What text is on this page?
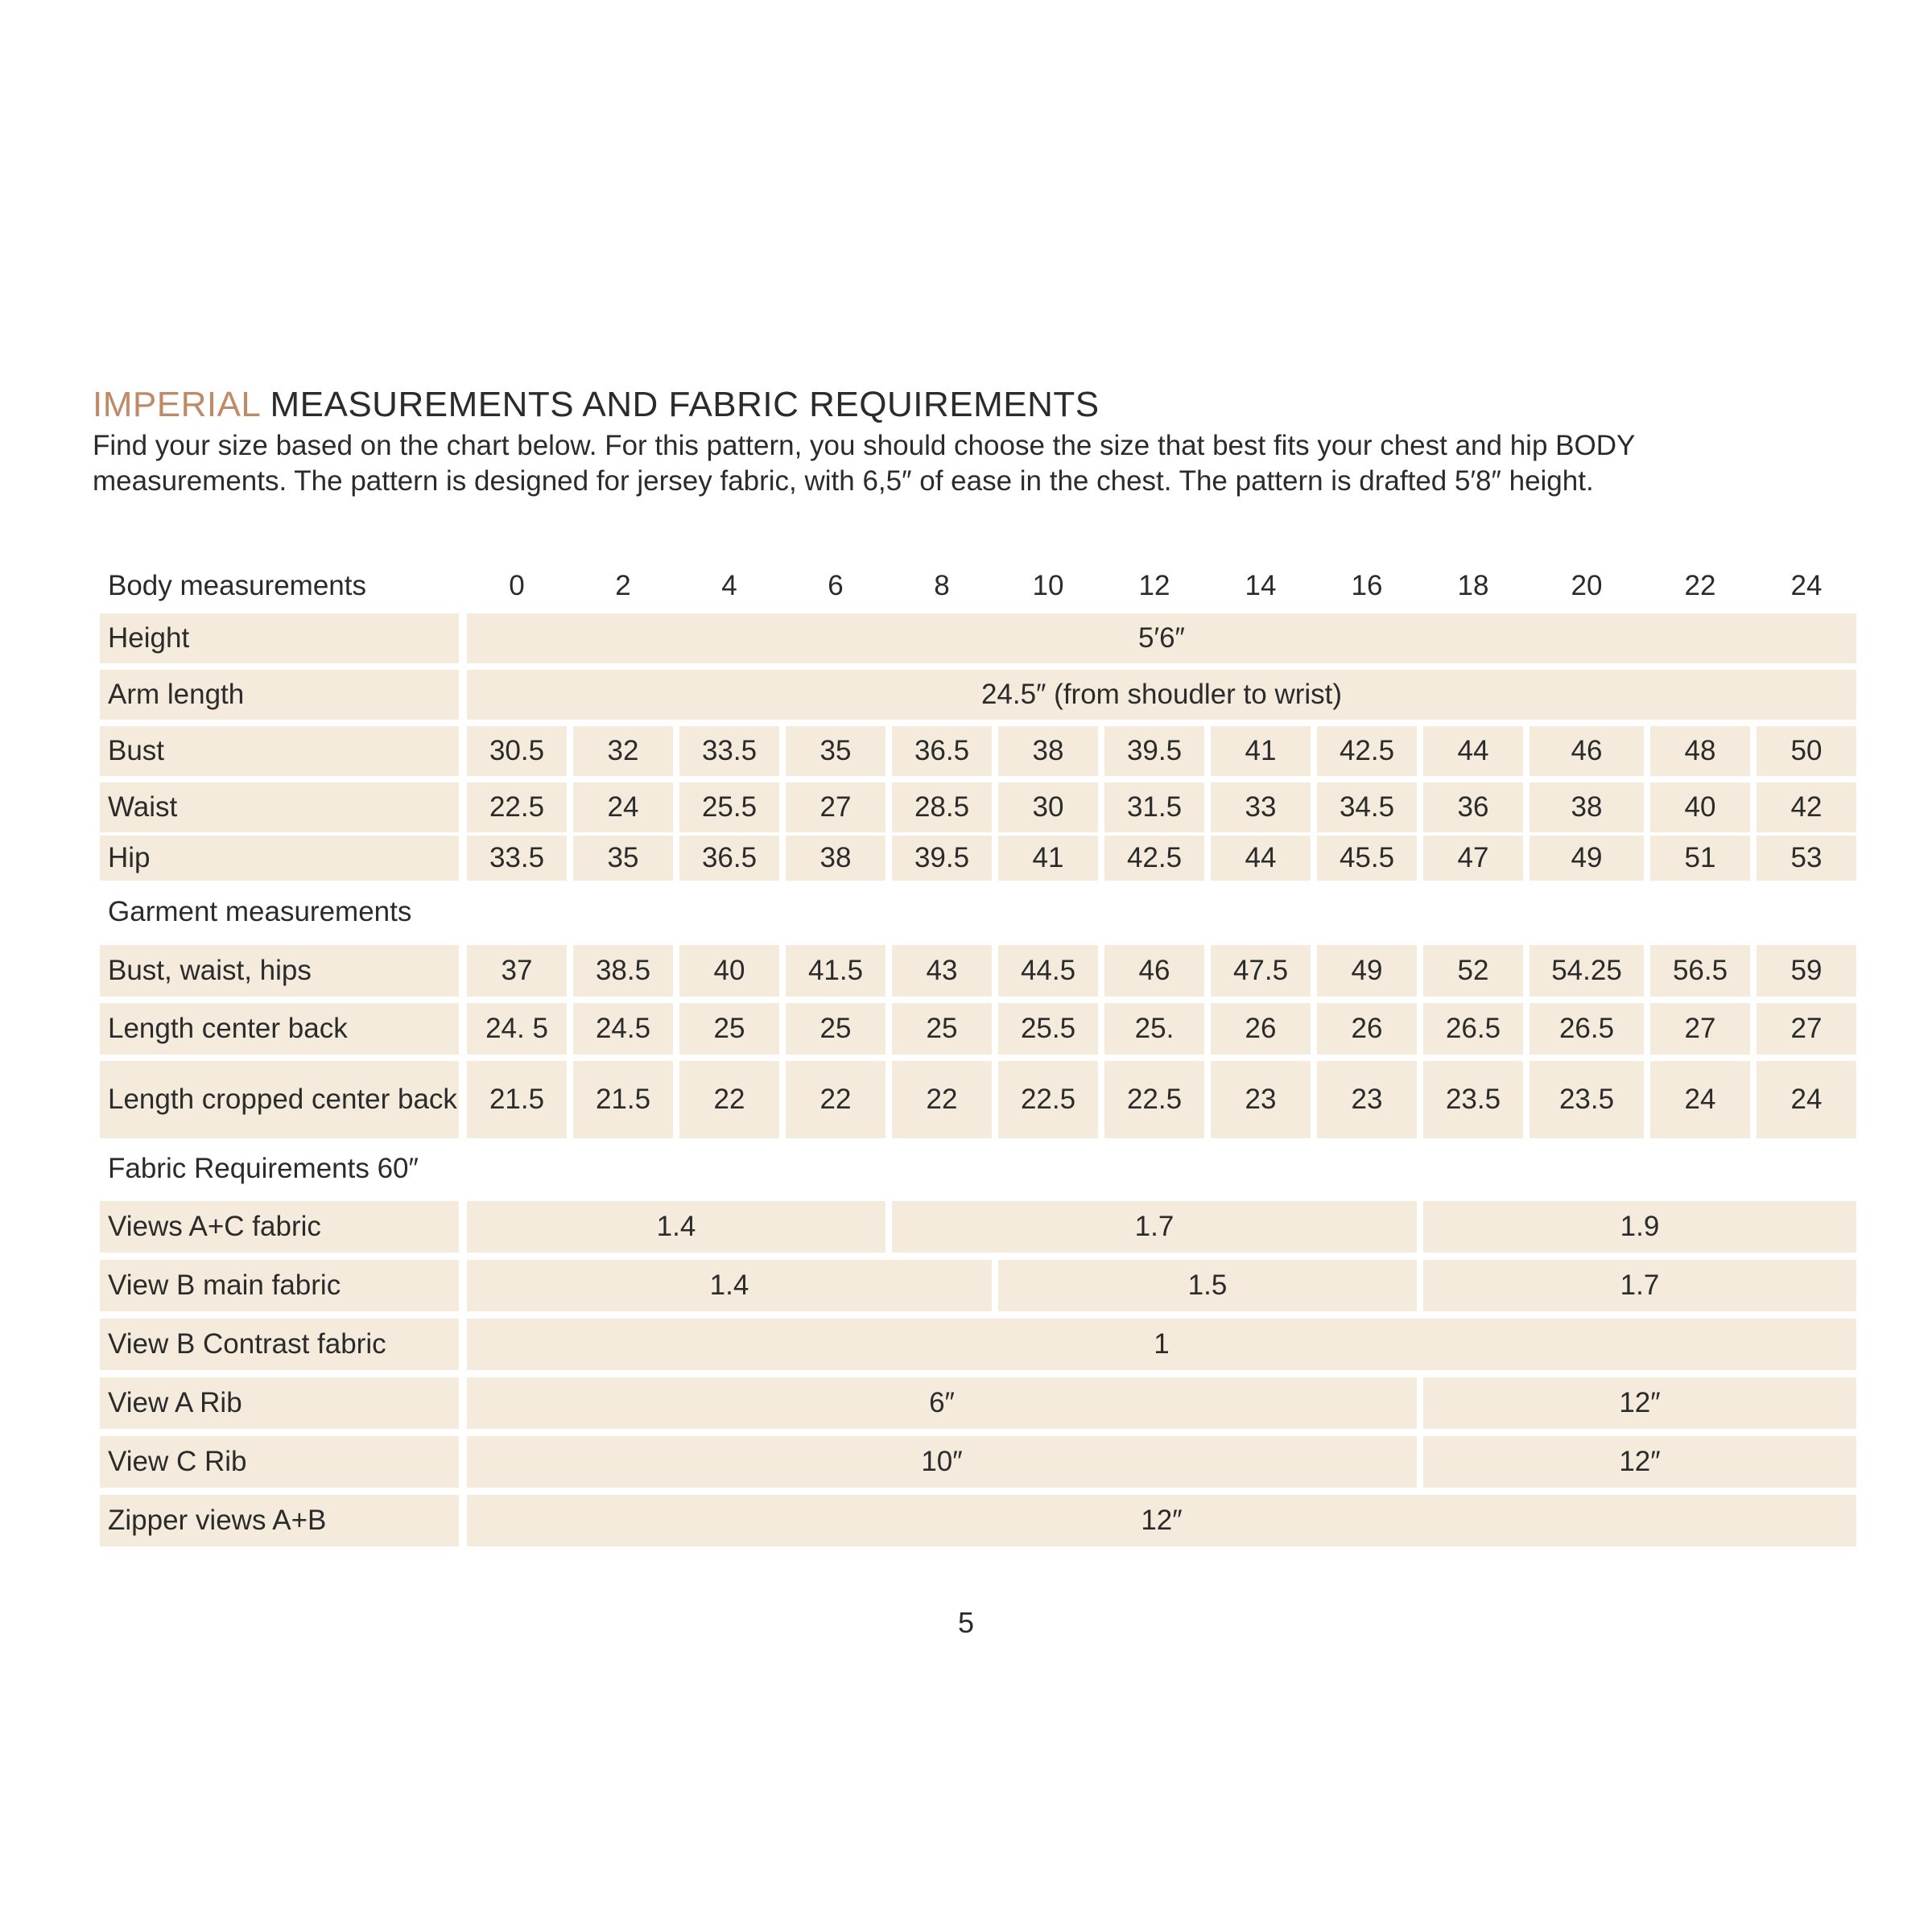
IMPERIAL MEASUREMENTS AND FABRIC REQUIREMENTS

Find your size based on the chart below. For this pattern, you should choose the size that best fits your chest and hip BODY

measurements. The pattern is designed for jersey fabric, with 6,5″ of ease in the chest. The pattern is drafted 5′8″ height.

Body measurements	0	2	4	6	8	10	12	14	16	18	20	22	24
Height	5′6″
Arm length	24.5″ (from shoudler to wrist)
Bust	30.5	32	33.5	35	36.5	38	39.5	41	42.5	44	46	48	50
Waist	22.5	24	25.5	27	28.5	30	31.5	33	34.5	36	38	40	42
Hip	33.5	35	36.5	38	39.5	41	42.5	44	45.5	47	49	51	53
Garment measurements
Bust, waist, hips	37	38.5	40	41.5	43	44.5	46	47.5	49	52	54.25	56.5	59
Length center back	24. 5	24.5	25	25	25	25.5	25.	26	26	26.5	26.5	27	27
Length cropped center back	21.5	21.5	22	22	22	22.5	22.5	23	23	23.5	23.5	24	24
Fabric Requirements 60″
Views A+C fabric	1.4	1.7	1.9
View B main fabric	1.4	1.5	1.7
View B Contrast fabric	1
View A Rib	6″	12″
View C Rib	10″	12″
Zipper views A+B	12″
5
